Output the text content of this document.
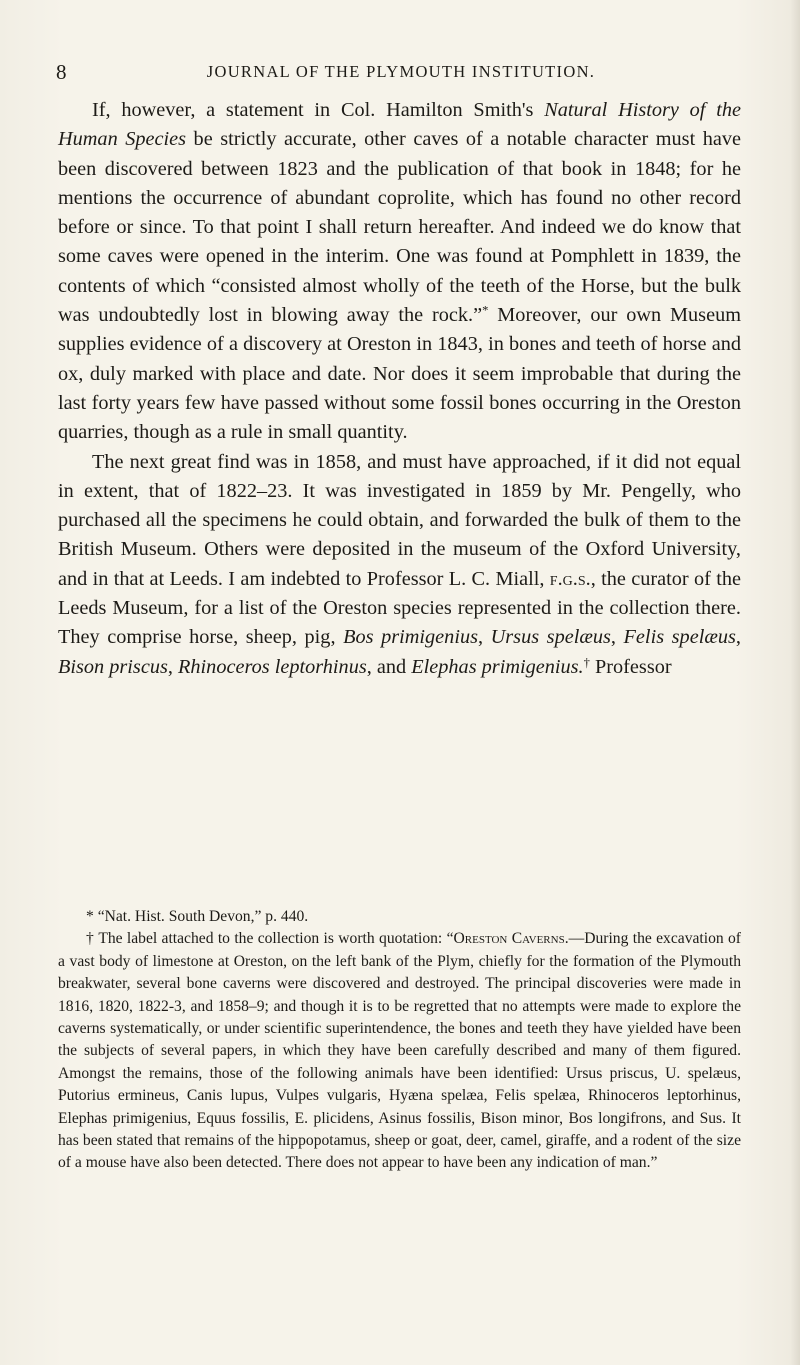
8	JOURNAL OF THE PLYMOUTH INSTITUTION.

If, however, a statement in Col. Hamilton Smith's Natural History of the Human Species be strictly accurate, other caves of a notable character must have been discovered between 1823 and the publication of that book in 1848; for he mentions the occurrence of abundant coprolite, which has found no other record before or since. To that point I shall return hereafter. And indeed we do know that some caves were opened in the interim. One was found at Pomphlett in 1839, the contents of which “consisted almost wholly of the teeth of the Horse, but the bulk was undoubtedly lost in blowing away the rock.”* Moreover, our own Museum supplies evidence of a discovery at Oreston in 1843, in bones and teeth of horse and ox, duly marked with place and date. Nor does it seem improbable that during the last forty years few have passed without some fossil bones occurring in the Oreston quarries, though as a rule in small quantity.

The next great find was in 1858, and must have approached, if it did not equal in extent, that of 1822–23. It was investigated in 1859 by Mr. Pengelly, who purchased all the specimens he could obtain, and forwarded the bulk of them to the British Museum. Others were deposited in the museum of the Oxford University, and in that at Leeds. I am indebted to Professor L. C. Miall, f.g.s., the curator of the Leeds Museum, for a list of the Oreston species represented in the collection there. They comprise horse, sheep, pig, Bos primigenius, Ursus spelæus, Felis spelæus, Bison priscus, Rhinoceros leptorhinus, and Elephas primigenius.† Professor

* “Nat. Hist. South Devon,” p. 440.

† The label attached to the collection is worth quotation: “Oreston Caverns.—During the excavation of a vast body of limestone at Oreston, on the left bank of the Plym, chiefly for the formation of the Plymouth breakwater, several bone caverns were discovered and destroyed. The principal discoveries were made in 1816, 1820, 1822-3, and 1858–9; and though it is to be regretted that no attempts were made to explore the caverns systematically, or under scientific superintendence, the bones and teeth they have yielded have been the subjects of several papers, in which they have been carefully described and many of them figured. Amongst the remains, those of the following animals have been identified: Ursus priscus, U. spelæus, Putorius ermineus, Canis lupus, Vulpes vulgaris, Hyæna spelæa, Felis spelæa, Rhinoceros leptorhinus, Elephas primigenius, Equus fossilis, E. plicidens, Asinus fossilis, Bison minor, Bos longifrons, and Sus. It has been stated that remains of the hippopotamus, sheep or goat, deer, camel, giraffe, and a rodent of the size of a mouse have also been detected. There does not appear to have been any indication of man.”
